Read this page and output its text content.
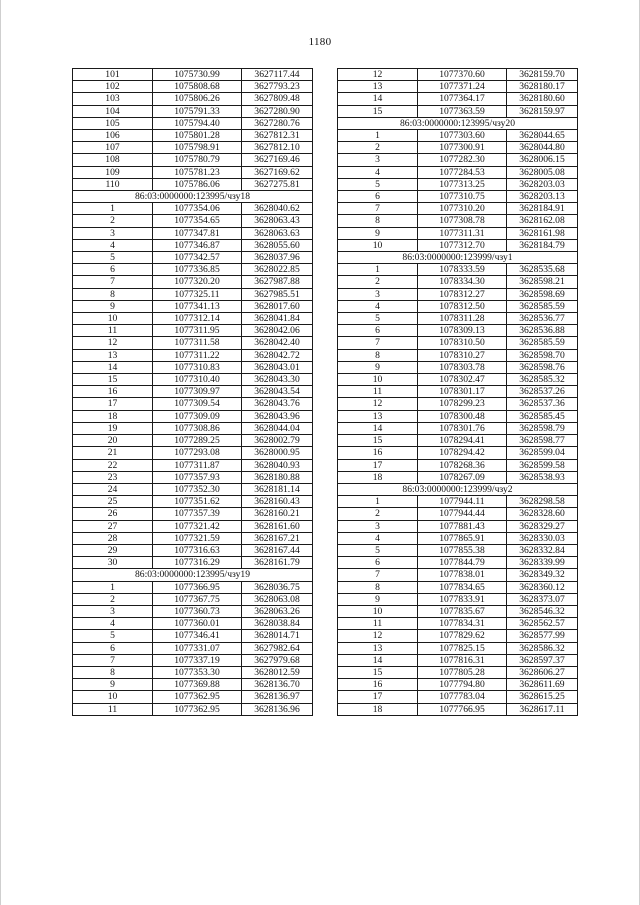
1180
101	1075730.99	3627117.44
102	1075808.68	3627793.23
103	1075806.26	3627809.48
104	1075791.33	3627280.90
105	1075794.40	3627280.76
106	1075801.28	3627812.31
107	1075798.91	3627812.10
108	1075780.79	3627169.46
109	1075781.23	3627169.62
110	1075786.06	3627275.81
86:03:0000000:123995/чзу18		
1	1077354.06	3628040.62
2	1077354.65	3628063.43
3	1077347.81	3628063.63
4	1077346.87	3628055.60
5	1077342.57	3628037.96
6	1077336.85	3628022.85
7	1077320.20	3627987.88
8	1077325.11	3627985.51
9	1077341.13	3628017.60
10	1077312.14	3628041.84
11	1077311.95	3628042.06
12	1077311.58	3628042.40
13	1077311.22	3628042.72
14	1077310.83	3628043.01
15	1077310.40	3628043.30
16	1077309.97	3628043.54
17	1077309.54	3628043.76
18	1077309.09	3628043.96
19	1077308.86	3628044.04
20	1077289.25	3628002.79
21	1077293.08	3628000.95
22	1077311.87	3628040.93
23	1077357.93	3628180.88
24	1077352.30	3628181.14
25	1077351.62	3628160.43
26	1077357.39	3628160.21
27	1077321.42	3628161.60
28	1077321.59	3628167.21
29	1077316.63	3628167.44
30	1077316.29	3628161.79
86:03:0000000:123995/чзу19		
1	1077366.95	3628036.75
2	1077367.75	3628063.08
3	1077360.73	3628063.26
4	1077360.01	3628038.84
5	1077346.41	3628014.71
6	1077331.07	3627982.64
7	1077337.19	3627979.68
8	1077353.30	3628012.59
9	1077369.88	3628136.70
10	1077362.95	3628136.97
11	1077362.95	3628136.96
12	1077370.60	3628159.70
13	1077371.24	3628180.17
14	1077364.17	3628180.60
15	1077363.59	3628159.97
86:03:0000000:123995/чзу20		
1	1077303.60	3628044.65
2	1077300.91	3628044.80
3	1077282.30	3628006.15
4	1077284.53	3628005.08
5	1077313.25	3628203.03
6	1077310.75	3628203.13
7	1077310.20	3628184.91
8	1077308.78	3628162.08
9	1077311.31	3628161.98
10	1077312.70	3628184.79
86:03:0000000:123999/чзу1		
1	1078333.59	3628535.68
2	1078334.30	3628598.21
3	1078312.27	3628598.69
4	1078312.50	3628585.59
5	1078311.28	3628536.77
6	1078309.13	3628536.88
7	1078310.50	3628585.59
8	1078310.27	3628598.70
9	1078303.78	3628598.76
10	1078302.47	3628585.32
11	1078301.17	3628537.26
12	1078299.23	3628537.36
13	1078300.48	3628585.45
14	1078301.76	3628598.79
15	1078294.41	3628598.77
16	1078294.42	3628599.04
17	1078268.36	3628599.58
18	1078267.09	3628538.93
86:03:0000000:123999/чзу2		
1	1077944.11	3628298.58
2	1077944.44	3628328.60
3	1077881.43	3628329.27
4	1077865.91	3628330.03
5	1077855.38	3628332.84
6	1077844.79	3628339.99
7	1077838.01	3628349.32
8	1077834.65	3628360.12
9	1077833.91	3628373.07
10	1077835.67	3628546.32
11	1077834.31	3628562.57
12	1077829.62	3628577.99
13	1077825.15	3628586.32
14	1077816.31	3628597.37
15	1077805.28	3628606.27
16	1077794.80	3628611.69
17	1077783.04	3628615.25
18	1077766.95	3628617.11
